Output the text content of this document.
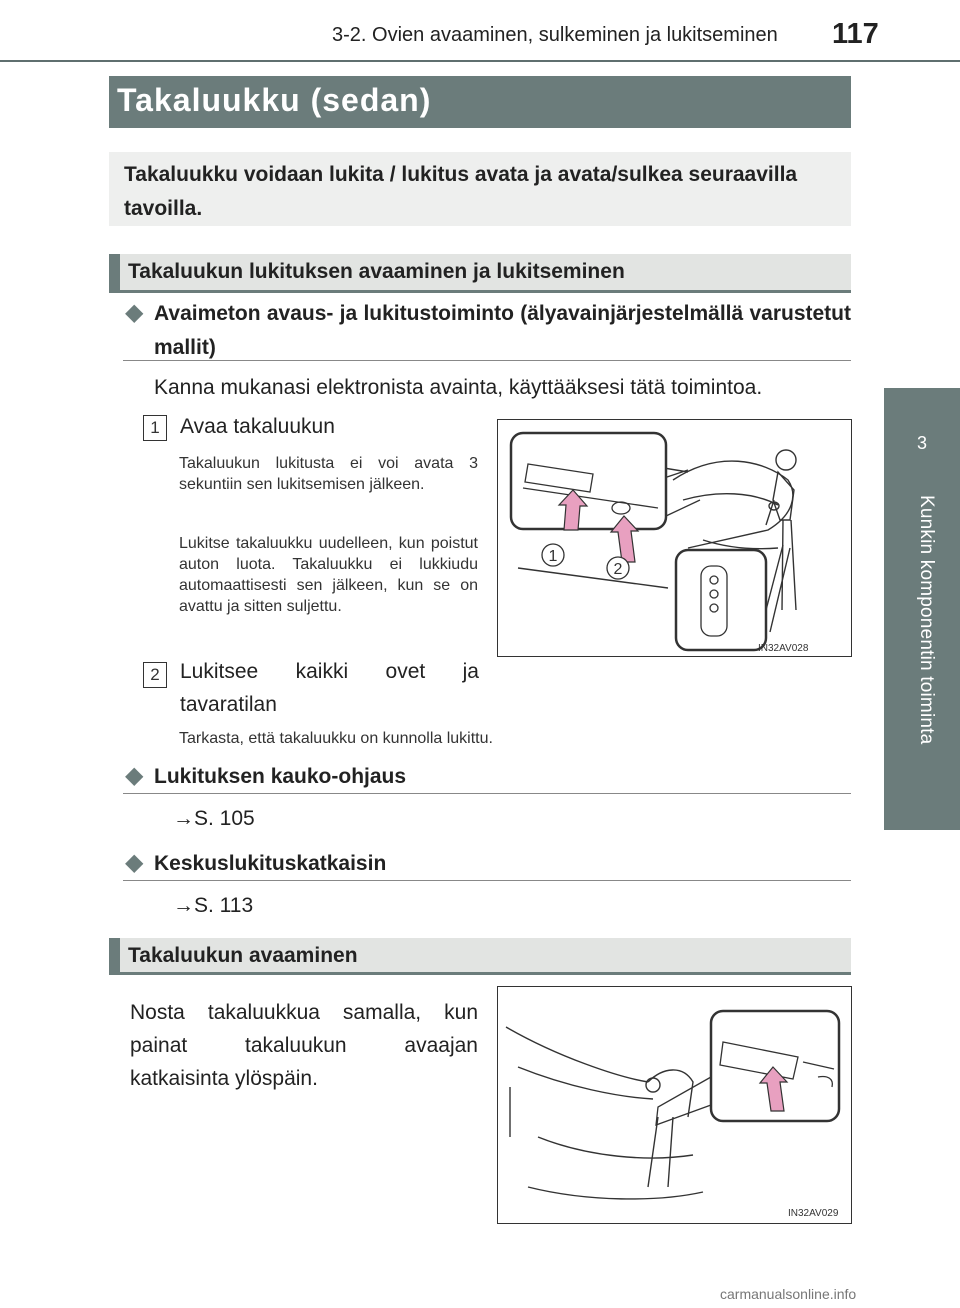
3-2. Ovien avaaminen, sulkeminen ja lukitseminen 117
3
Kunkin komponentin toiminta
Takaluukku (sedan)
Takaluukku voidaan lukita / lukitus avata ja avata/sulkea seuraavilla tavoilla.
Takaluukun lukituksen avaaminen ja lukitseminen
◆ Avaimeton avaus- ja lukitustoiminto (älyavainjärjestelmällä varustetut mallit)
Kanna mukanasi elektronista avainta, käyttääksesi tätä toimintoa.
1 Avaa takaluukun
Takaluukun lukitusta ei voi avata 3 sekuntiin sen lukitsemisen jälkeen.
Lukitse takaluukku uudelleen, kun poistut auton luota. Takaluukku ei lukkiudu automaattisesti sen jälkeen, kun se on avattu ja sitten suljettu.
2 Lukitsee kaikki ovet ja tavaratilan
Tarkasta, että takaluukku on kunnolla lukittu.
1
2
IN32AV028
◆ Lukituksen kauko-ohjaus
→S. 105
◆ Keskuslukituskatkaisin
→S. 113
Takaluukun avaaminen
Nosta takaluukkua samalla, kun painat takaluukun avaajan katkaisinta ylöspäin.
IN32AV029
carmanualsonline.info
